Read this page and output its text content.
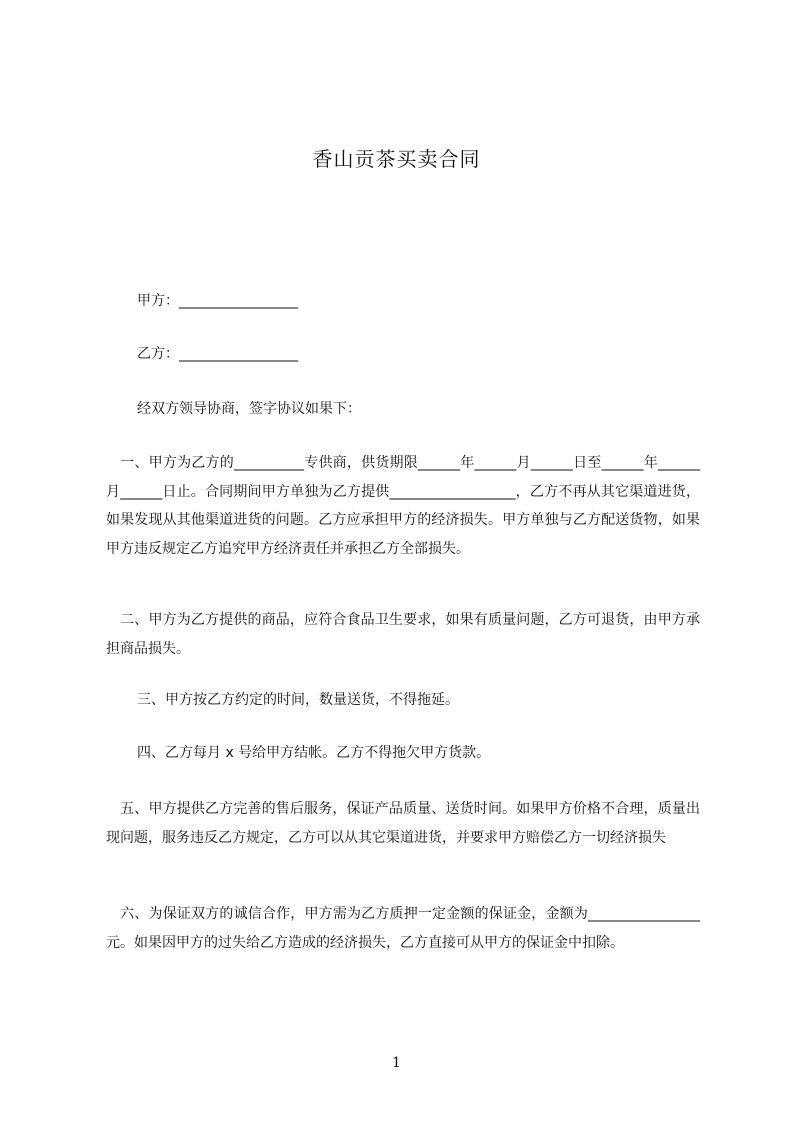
香山贡茶买卖合同
甲方：_________________
乙方：_________________
经双方领导协商，签字协议如果下：
　一、甲方为乙方的__________专供商，供货期限______年______月______日至______年______月______日止。合同期间甲方单独为乙方提供__________________，乙方不再从其它渠道进货，如果发现从其他渠道进货的问题。乙方应承担甲方的经济损失。甲方单独与乙方配送货物，如果甲方违反规定乙方追究甲方经济责任并承担乙方全部损失。
　二、甲方为乙方提供的商品，应符合食品卫生要求，如果有质量问题，乙方可退货，由甲方承担商品损失。
三、甲方按乙方约定的时间，数量送货，不得拖延。
四、乙方每月 x 号给甲方结帐。乙方不得拖欠甲方货款。
　五、甲方提供乙方完善的售后服务，保证产品质量、送货时间。如果甲方价格不合理，质量出现问题，服务违反乙方规定，乙方可以从其它渠道进货，并要求甲方赔偿乙方一切经济损失
　六、为保证双方的诚信合作，甲方需为乙方质押一定金额的保证金，金额为________________元。如果因甲方的过失给乙方造成的经济损失，乙方直接可从甲方的保证金中扣除。
1
